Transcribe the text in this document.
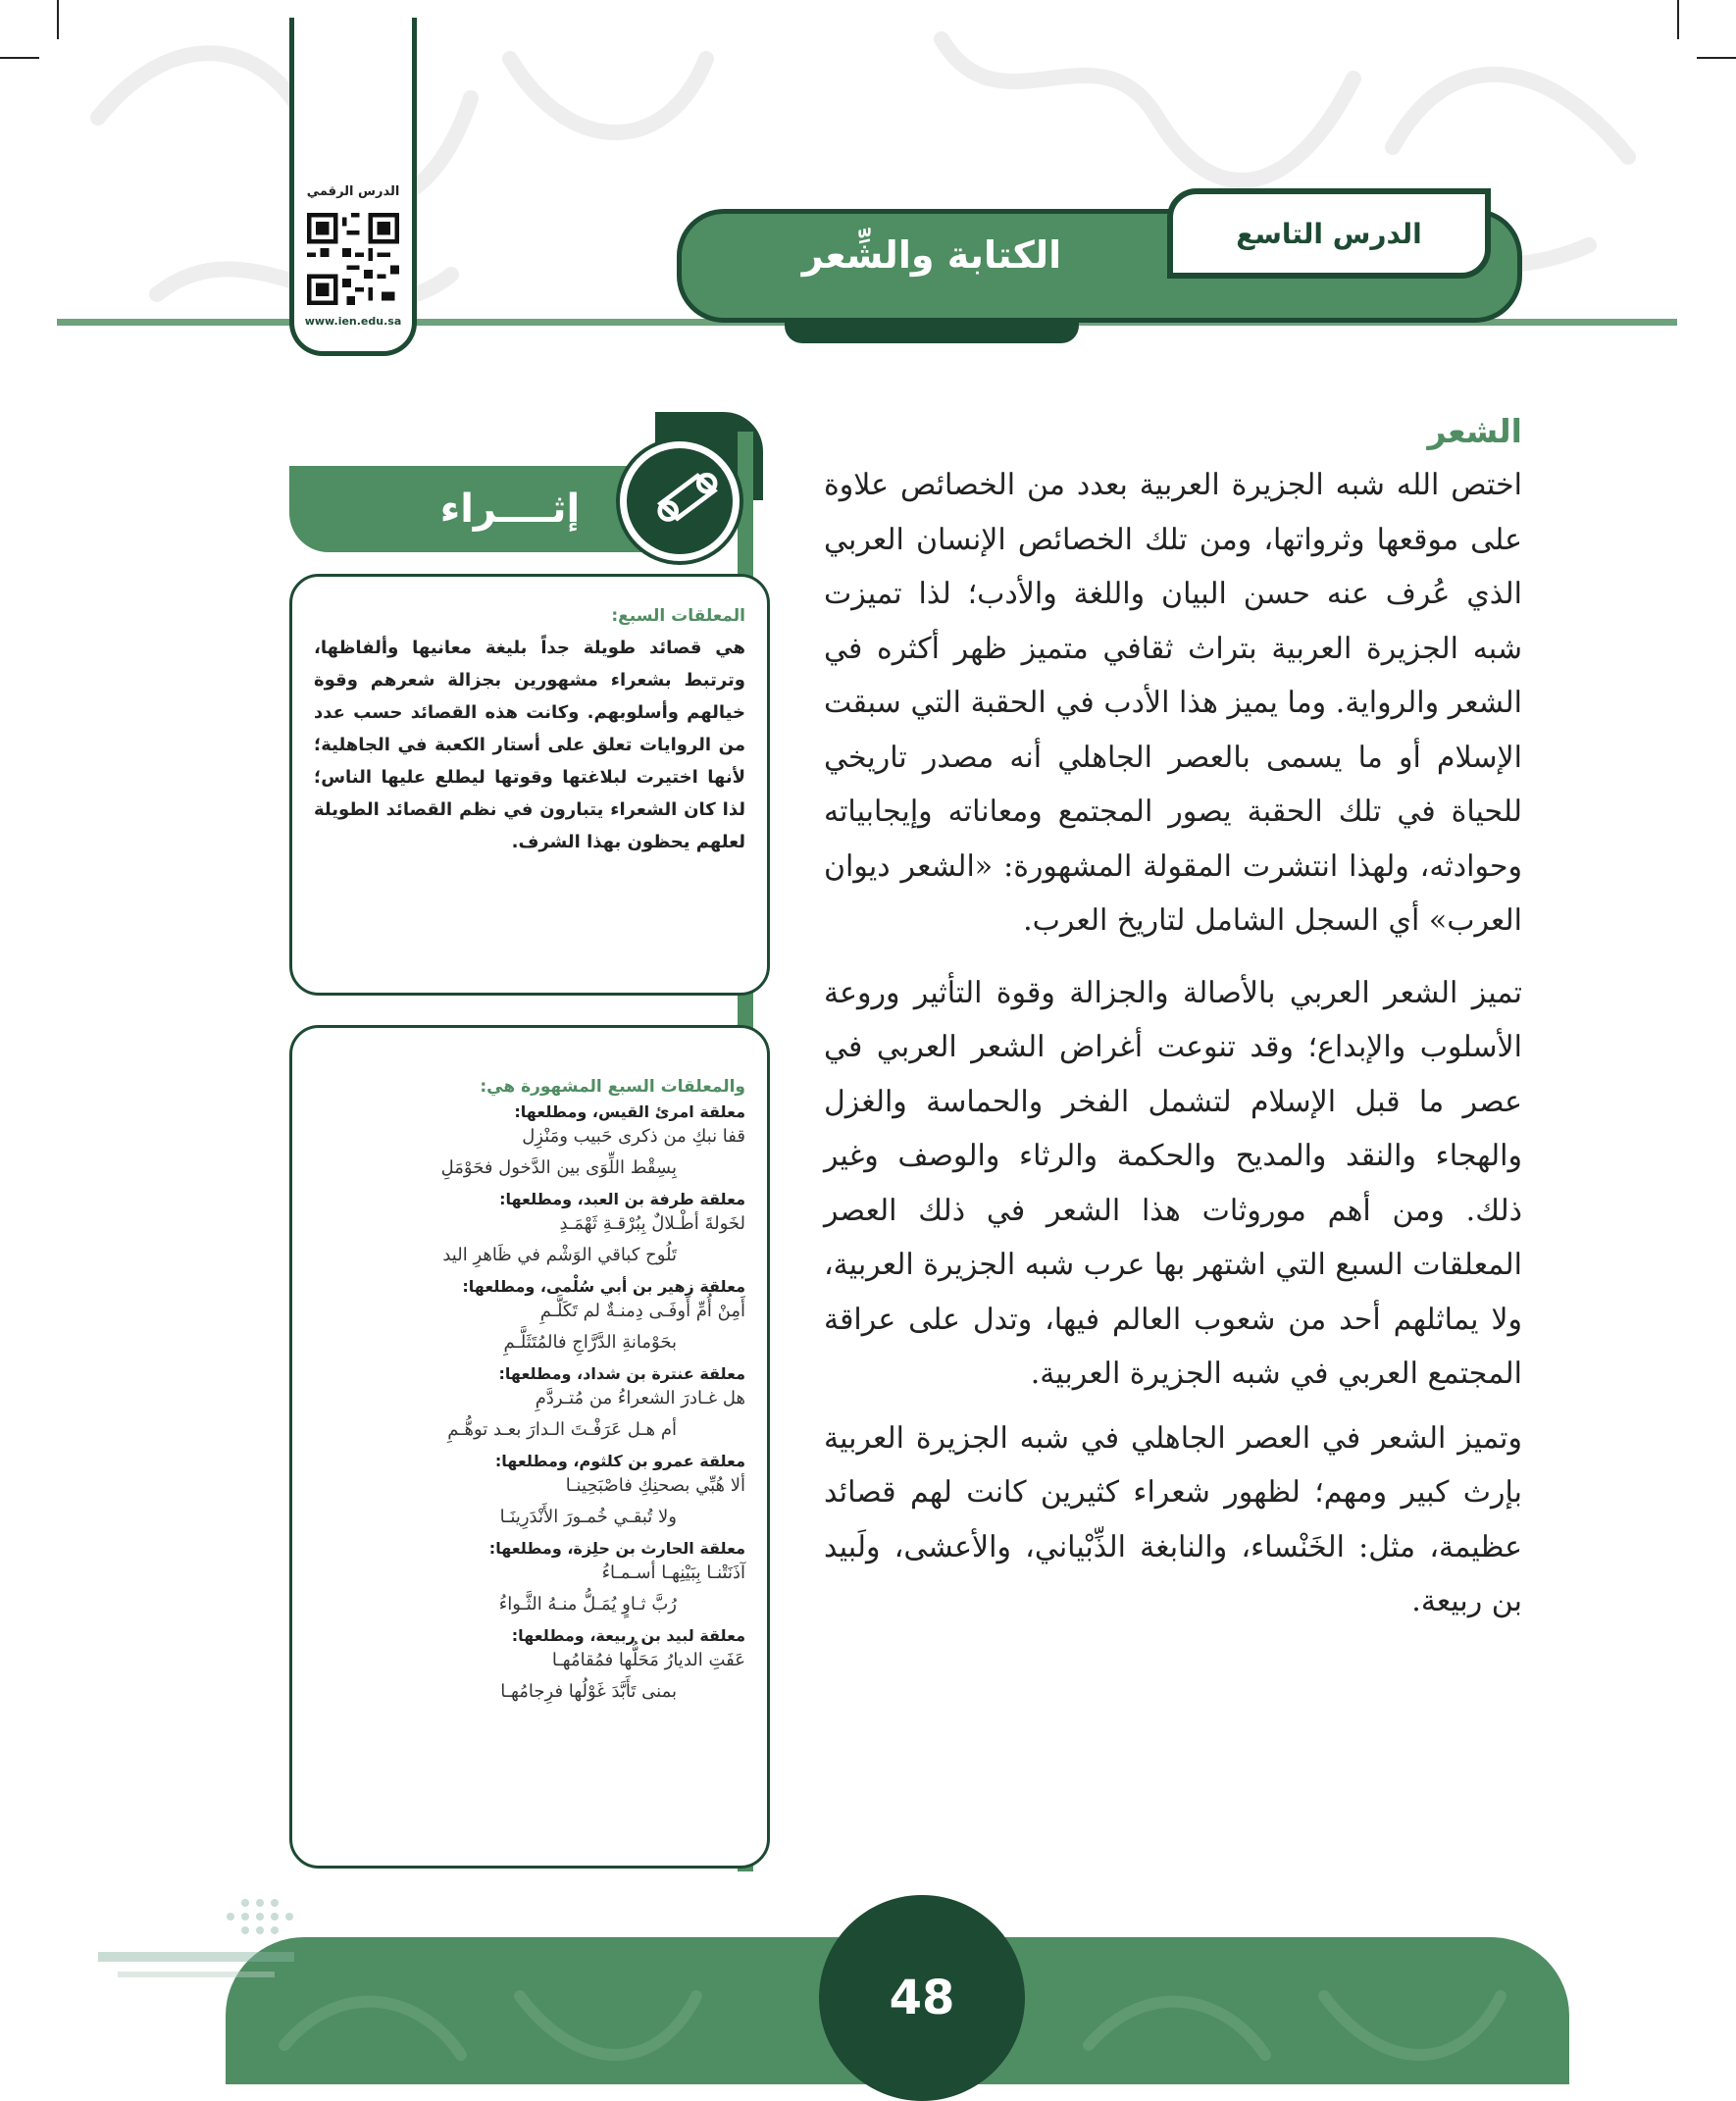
الكتابة والشِّعر	الدرس التاسع
الدرس الرقمي
www.ien.edu.sa
الشعر

اختص الله شبه الجزيرة العربية بعدد من الخصائص علاوة على موقعها وثرواتها، ومن تلك الخصائص الإنسان العربي الذي عُرف عنه حسن البيان واللغة والأدب؛ لذا تميزت شبه الجزيرة العربية بتراث ثقافي متميز ظهر أكثره في الشعر والرواية. وما يميز هذا الأدب في الحقبة التي سبقت الإسلام أو ما يسمى بالعصر الجاهلي أنه مصدر تاريخي للحياة في تلك الحقبة يصور المجتمع ومعاناته وإيجابياته وحوادثه، ولهذا انتشرت المقولة المشهورة: «الشعر ديوان العرب» أي السجل الشامل لتاريخ العرب.

تميز الشعر العربي بالأصالة والجزالة وقوة التأثير وروعة الأسلوب والإبداع؛ وقد تنوعت أغراض الشعر العربي في عصر ما قبل الإسلام لتشمل الفخر والحماسة والغزل والهجاء والنقد والمديح والحكمة والرثاء والوصف وغير ذلك. ومن أهم موروثات هذا الشعر في ذلك العصر المعلقات السبع التي اشتهر بها عرب شبه الجزيرة العربية، ولا يماثلهم أحد من شعوب العالم فيها، وتدل على عراقة المجتمع العربي في شبه الجزيرة العربية.

وتميز الشعر في العصر الجاهلي في شبه الجزيرة العربية بإرث كبير ومهم؛ لظهور شعراء كثيرين كانت لهم قصائد عظيمة، مثل: الخَنْساء، والنابغة الذِّبْياني، والأعشى، ولَبيد بن ربيعة.

إثــــراء
المعلقات السبع:
هي قصائد طويلة جداً بليغة معانيها وألفاظها، وترتبط بشعراء مشهورين بجزالة شعرهم وقوة خيالهم وأسلوبهم. وكانت هذه القصائد حسب عدد من الروايات تعلق على أستار الكعبة في الجاهلية؛ لأنها اختيرت لبلاغتها وقوتها ليطلع عليها الناس؛ لذا كان الشعراء يتبارون في نظم القصائد الطويلة لعلهم يحظون بهذا الشرف.
والمعلقات السبع المشهورة هي:
معلقة امرئ القيس، ومطلعها:
قفا نبكِ من ذكرى حَبيب ومَنْزِل
بِسِقْط اللِّوَى بين الدَّخول فحَوْمَلِ
معلقة طرفة بن العبد، ومطلعها:
لخَولةَ أطْـلالٌ بِبُرْقـةِ ثَهْمَـدِ
تَلُوح كباقي الوَشْم في ظَاهرِ اليد
معلقة زهير بن أبي سُلْمى، ومطلعها:
أَمِنْ أُمِّ أَوفَـى دِمنـةٌ لم تَكَلَّـمِ
بحَوْمانةِ الدَّرَّاجِ فالمُتَثَلَّـمِ
معلقة عنترة بن شداد، ومطلعها:
هل غـادرَ الشعراءُ من مُتـردَّمِ
أم هـل عَرَفْـتَ الـدارَ بعـد توهُّـمِ
معلقة عمرو بن كلثوم، ومطلعها:
ألا هُبِّي بصحنِكِ فاصْبَحِينـا
ولا تُبقـي خُمـورَ الأَنْدَرِينَـا
معلقة الحارث بن حلِزة، ومطلعها:
آذَنَتْنـا بِبَيْنِهـا أسـمـاءُ
رُبَّ ثـاوٍ يُمَـلُّ منـهُ الثَّـواءُ
معلقة لبيد بن ربيعة، ومطلعها:
عَفَتِ الديارُ مَحَلُّها فمُقامُهـا
بمنى تَأَبَّدَ غَوْلُها فرِجامُهـا
48
